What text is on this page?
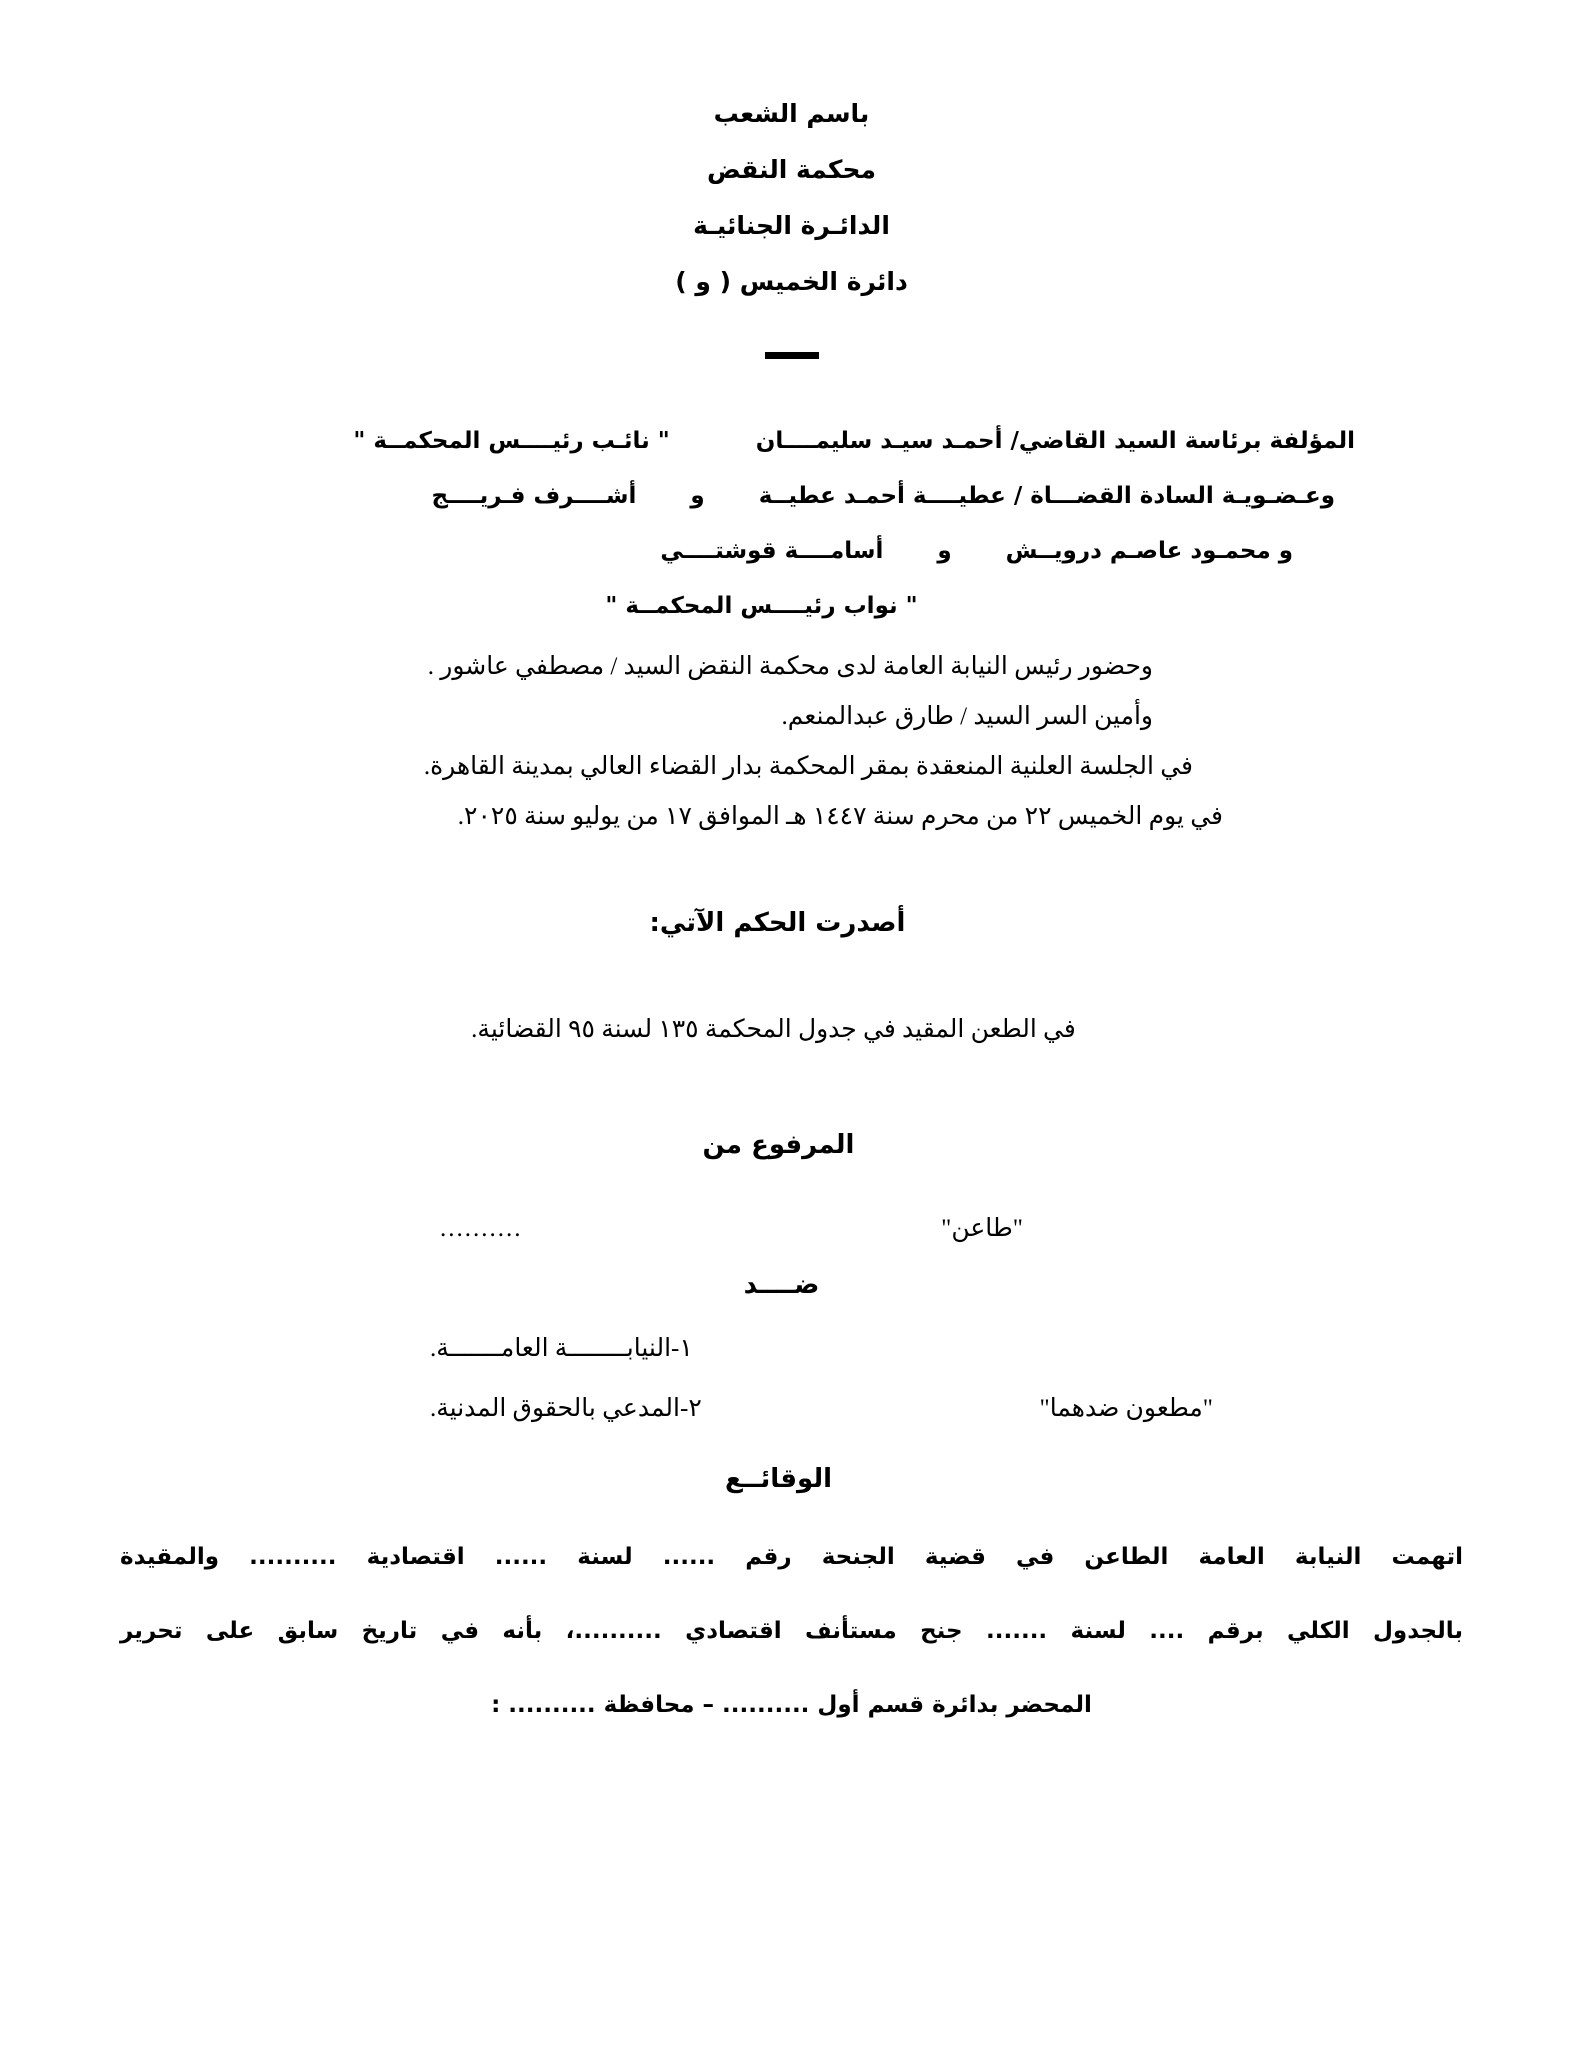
باسم الشعب
محكمة النقض
الدائـرة الجنائيـة
دائرة الخميس ( و )
المؤلفة برئاسة السيد القاضي/ أحمـد سيـد سليمــــان
" نائـب رئيــــس المحكمــة "
وعـضـويـة السادة القضـــاة / عطيــــة أحمـد عطيــة
و
أشــــرف فـريــــج
و محمـود عاصـم درويــش
و
أسامــــة قوشتــــي
" نواب رئيــــس المحكمــة "
وحضور رئيس النيابة العامة لدى محكمة النقض السيد / مصطفي عاشور .
وأمين السر السيد / طارق عبدالمنعم.
في الجلسة العلنية المنعقدة بمقر المحكمة بدار القضاء العالي بمدينة القاهرة.
في يوم الخميس ٢٢ من محرم سنة ١٤٤٧ هـ الموافق ١٧ من يوليو سنة ٢٠٢٥.
أصدرت الحكم الآتي:
في الطعن المقيد في جدول المحكمة ١٣٥ لسنة ٩٥ القضائية.
المرفوع من
"طاعن"
..........
ضــــد
١-النيابــــــــة العامـــــــة.
"مطعون ضدهما"
٢-المدعي بالحقوق المدنية.
الوقائــع
اتهمت النيابة العامة الطاعن في قضية الجنحة رقم ...... لسنة ...... اقتصادية .......... والمقيدة
بالجدول الكلي برقم .... لسنة ....... جنح مستأنف اقتصادي ..........، بأنه في تاريخ سابق على تحرير
المحضر بدائرة قسم أول .......... – محافظة .......... :
